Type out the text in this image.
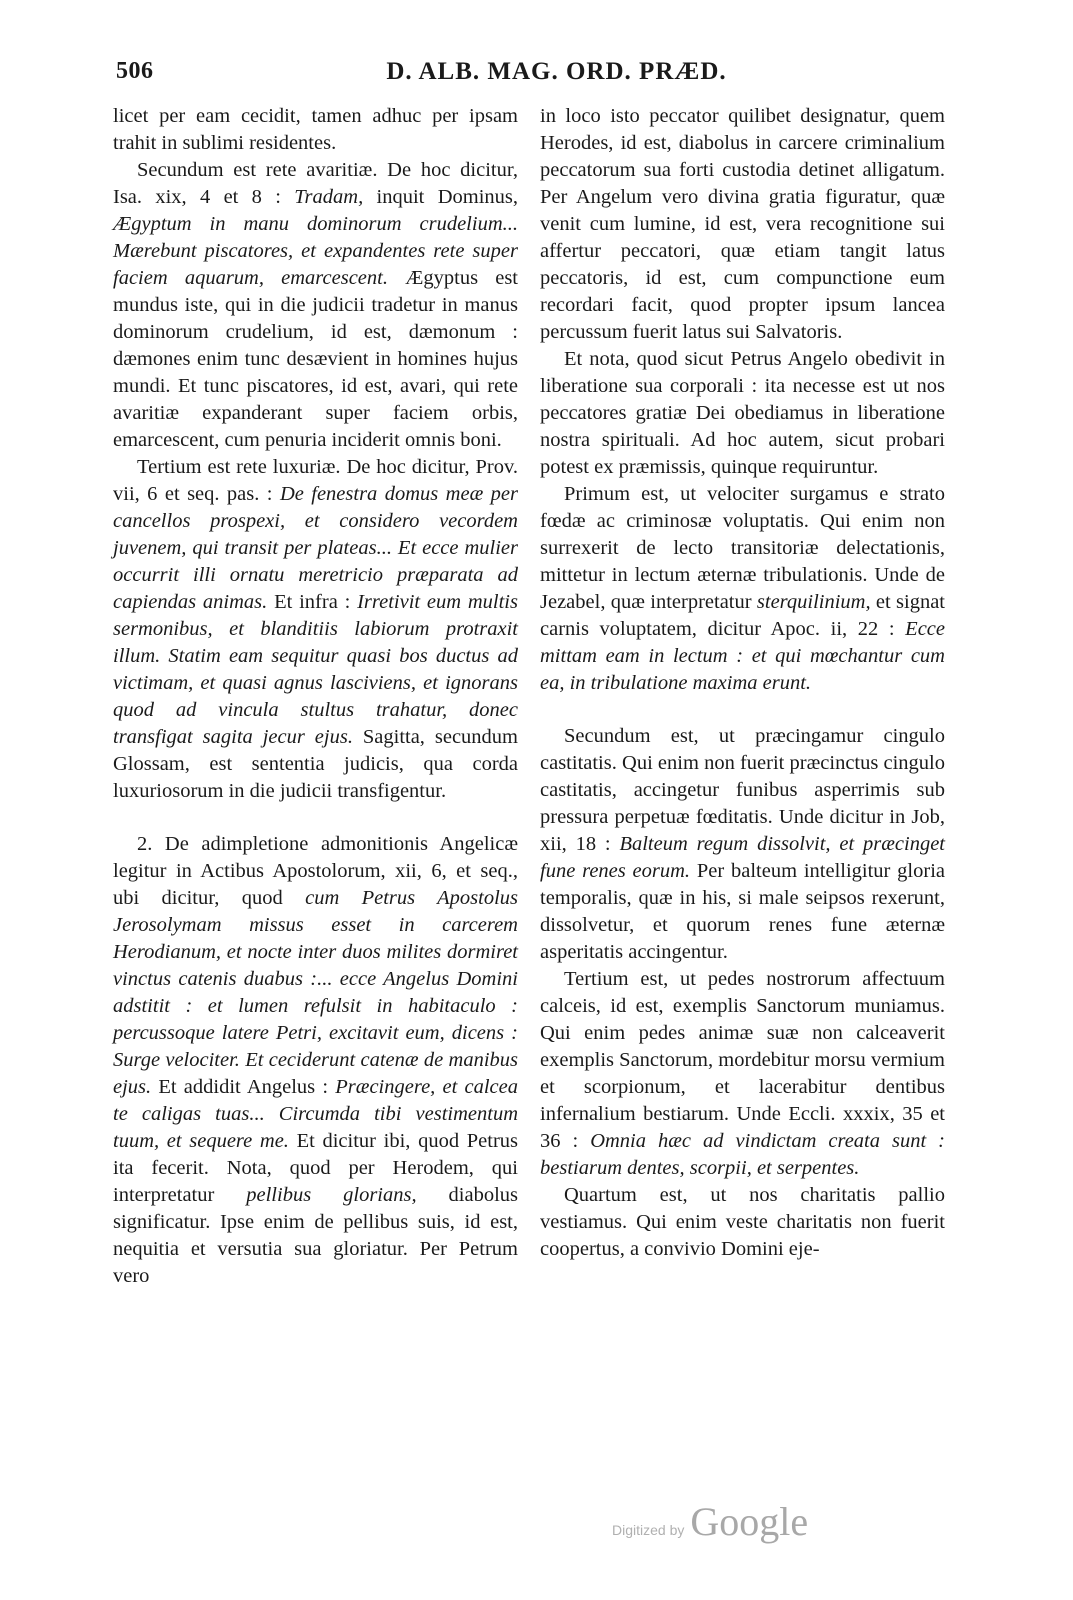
506	D. ALB. MAG. ORD. PRÆD.

licet per eam cecidit, tamen adhuc per ipsam trahit in sublimi residentes.

Secundum est rete avaritiæ. De hoc dicitur, Isa. xix, 4 et 8 : Tradam, inquit Dominus, Ægyptum in manu dominorum crudelium... Mærebunt piscatores, et expandentes rete super faciem aquarum, emarcescent. Ægyptus est mundus iste, qui in die judicii tradetur in manus dominorum crudelium, id est, dæmonum : dæmones enim tunc desævient in homines hujus mundi. Et tunc piscatores, id est, avari, qui rete avaritiæ expanderant super faciem orbis, emarcescent, cum penuria inciderit omnis boni.

Tertium est rete luxuriæ. De hoc dicitur, Prov. vii, 6 et seq. pas. : De fenestra domus meæ per cancellos prospexi, et considero vecordem juvenem, qui transit per plateas... Et ecce mulier occurrit illi ornatu meretricio præparata ad capiendas animas. Et infra : Irretivit eum multis sermonibus, et blanditiis labiorum protraxit illum. Statim eam sequitur quasi bos ductus ad victimam, et quasi agnus lasciviens, et ignorans quod ad vincula stultus trahatur, donec transfigat sagita jecur ejus. Sagitta, secundum Glossam, est sententia judicis, qua corda luxuriosorum in die judicii transfigentur.

2. De adimpletione admonitionis Angelicæ legitur in Actibus Apostolorum, xii, 6, et seq., ubi dicitur, quod cum Petrus Apostolus Jerosolymam missus esset in carcerem Herodianum, et nocte inter duos milites dormiret vinctus catenis duabus :... ecce Angelus Domini adstitit : et lumen refulsit in habitaculo : percussoque latere Petri, excitavit eum, dicens : Surge velociter. Et ceciderunt catenæ de manibus ejus. Et addidit Angelus : Præcingere, et calcea te caligas tuas... Circumda tibi vestimentum tuum, et sequere me. Et dicitur ibi, quod Petrus ita fecerit. Nota, quod per Herodem, qui interpretatur pellibus glorians, diabolus significatur. Ipse enim de pellibus suis, id est, nequitia et versutia sua gloriatur. Per Petrum vero

in loco isto peccator quilibet designatur, quem Herodes, id est, diabolus in carcere criminalium peccatorum sua forti custodia detinet alligatum. Per Angelum vero divina gratia figuratur, quæ venit cum lumine, id est, vera recognitione sui affertur peccatori, quæ etiam tangit latus peccatoris, id est, cum compunctione eum recordari facit, quod propter ipsum lancea percussum fuerit latus sui Salvatoris.

Et nota, quod sicut Petrus Angelo obedivit in liberatione sua corporali : ita necesse est ut nos peccatores gratiæ Dei obediamus in liberatione nostra spirituali. Ad hoc autem, sicut probari potest ex præmissis, quinque requiruntur.

Primum est, ut velociter surgamus e strato fœdæ ac criminosæ voluptatis. Qui enim non surrexerit de lecto transitoriæ delectationis, mittetur in lectum æternæ tribulationis. Unde de Jezabel, quæ interpretatur sterquilinium, et signat carnis voluptatem, dicitur Apoc. ii, 22 : Ecce mittam eam in lectum : et qui mœchantur cum ea, in tribulatione maxima erunt.

Secundum est, ut præcingamur cingulo castitatis. Qui enim non fuerit præcinctus cingulo castitatis, accingetur funibus asperrimis sub pressura perpetuæ fœditatis. Unde dicitur in Job, xii, 18 : Balteum regum dissolvit, et præcinget fune renes eorum. Per balteum intelligitur gloria temporalis, quæ in his, si male seipsos rexerunt, dissolvetur, et quorum renes fune æternæ asperitatis accingentur.

Tertium est, ut pedes nostrorum affectuum calceis, id est, exemplis Sanctorum muniamus. Qui enim pedes animæ suæ non calceaverit exemplis Sanctorum, mordebitur morsu vermium et scorpionum, et lacerabitur dentibus infernalium bestiarum. Unde Eccli. xxxix, 35 et 36 : Omnia hæc ad vindictam creata sunt : bestiarum dentes, scorpii, et serpentes.

Quartum est, ut nos charitatis pallio vestiamus. Qui enim veste charitatis non fuerit coopertus, a convivio Domini eje-

Digitized by Google
